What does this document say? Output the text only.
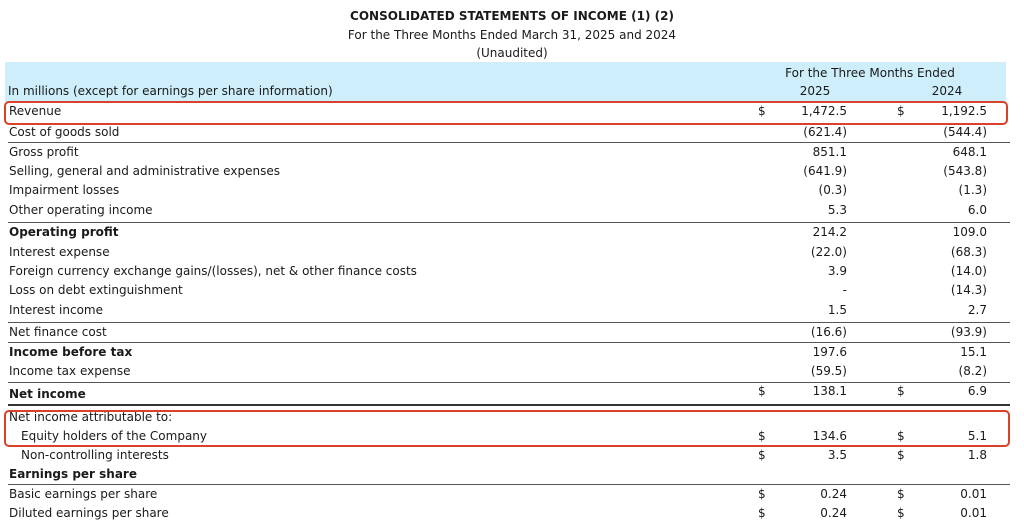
CONSOLIDATED STATEMENTS OF INCOME (1) (2)
For the Three Months Ended March 31, 2025 and 2024
(Unaudited)
In millions (except for earnings per share information)
For the Three Months Ended
2025	2024
Revenue	$	1,472.5	$	1,192.5
Cost of goods sold	(621.4)	(544.4)
Gross profit	851.1	648.1
Selling, general and administrative expenses	(641.9)	(543.8)
Impairment losses	(0.3)	(1.3)
Other operating income	5.3	6.0
Operating profit	214.2	109.0
Interest expense	(22.0)	(68.3)
Foreign currency exchange gains/(losses), net & other finance costs	3.9	(14.0)
Loss on debt extinguishment	-	(14.3)
Interest income	1.5	2.7
Net finance cost	(16.6)	(93.9)
Income before tax	197.6	15.1
Income tax expense	(59.5)	(8.2)
Net income	$	138.1	$	6.9
Net income attributable to:
Equity holders of the Company	$	134.6	$	5.1
Non-controlling interests	$	3.5	$	1.8
Earnings per share
Basic earnings per share	$	0.24	$	0.01
Diluted earnings per share	$	0.24	$	0.01
